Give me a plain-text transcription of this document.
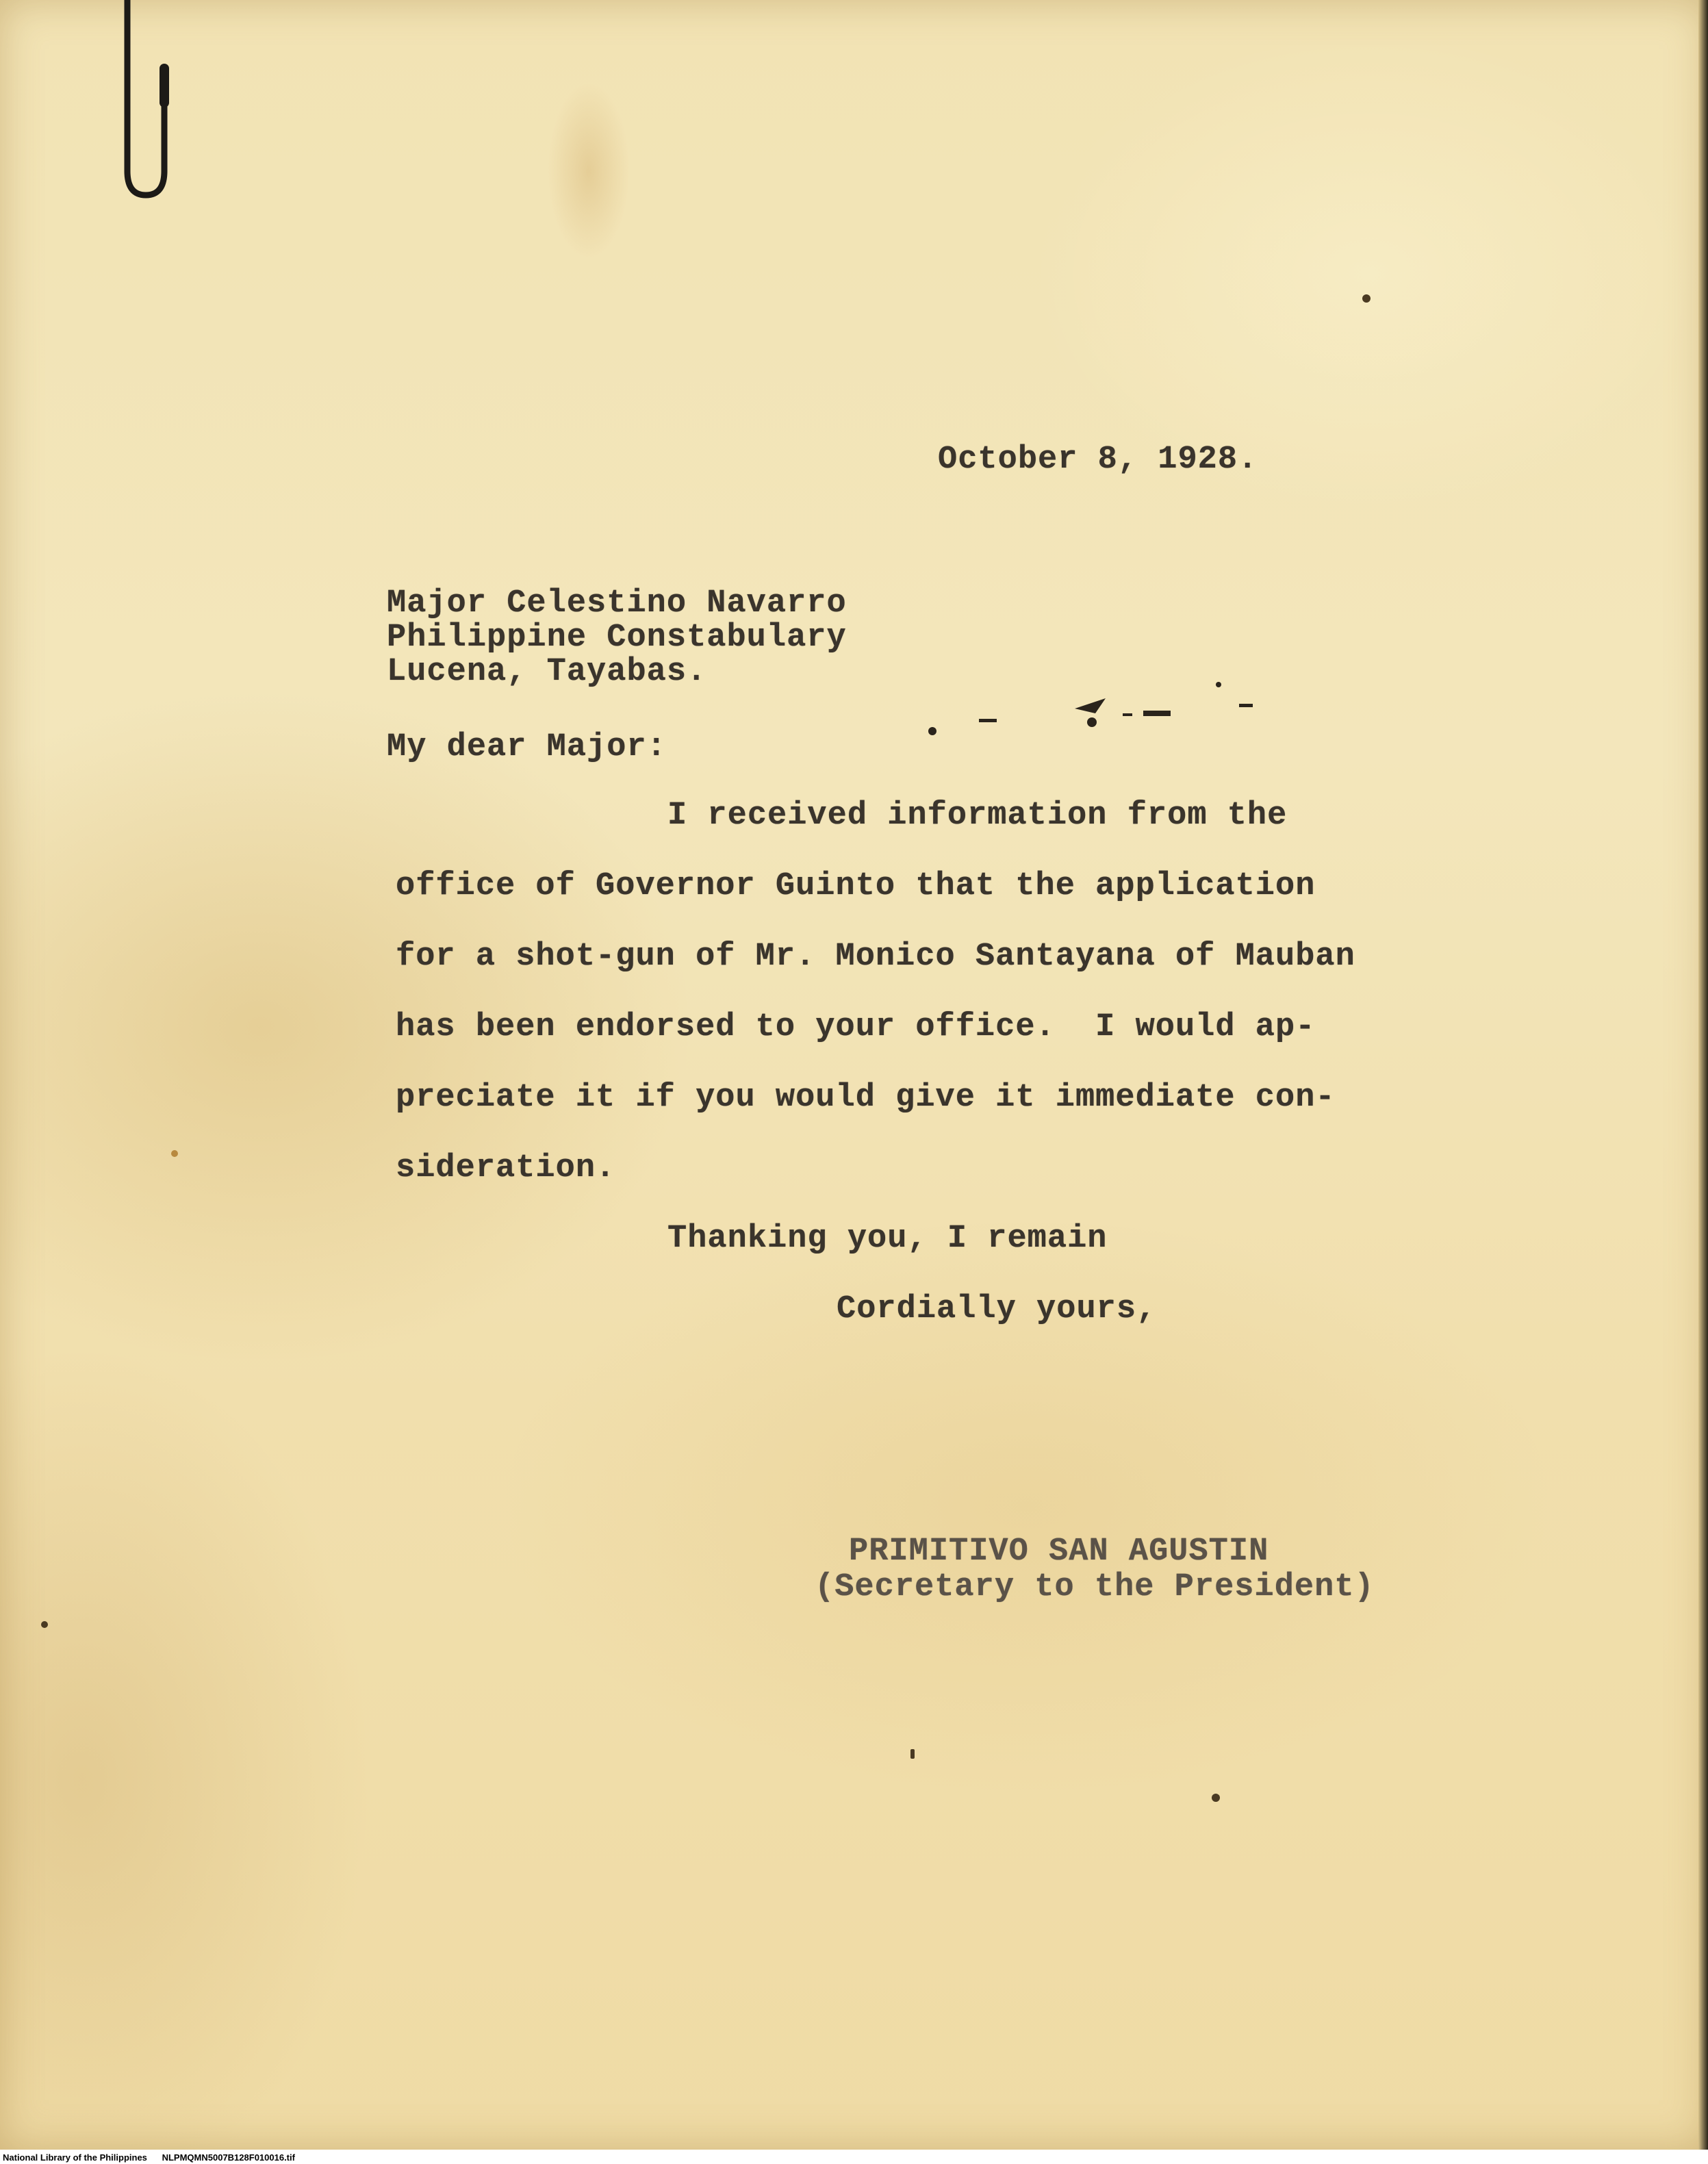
October 8, 1928.
Major Celestino Navarro
Philippine Constabulary
Lucena, Tayabas.
My dear Major:
I received information from the
office of Governor Guinto that the application
for a shot-gun of Mr. Monico Santayana of Mauban
has been endorsed to your office.  I would ap-
preciate it if you would give it immediate con-
sideration.
Thanking you, I remain
Cordially yours,
PRIMITIVO SAN AGUSTIN
(Secretary to the President)
National Library of the Philippines NLPMQMN5007B128F010016.tif
